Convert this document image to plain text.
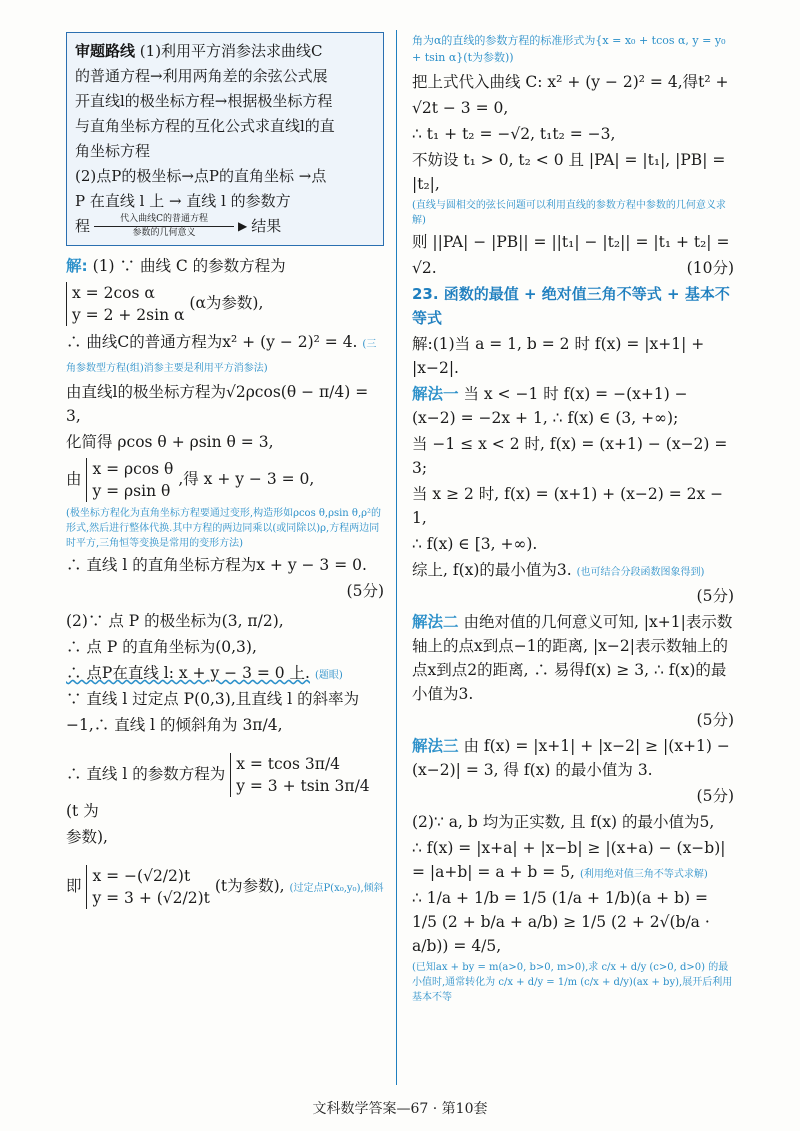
审题路线 (1)利用平方消参法求曲线C
的普通方程→利用两角差的余弦公式展
开直线l的极坐标方程→根据极坐标方程
与直角坐标方程的互化公式求直线l的直
角坐标方程
(2)点P的极坐标→点P的直角坐标 →点
P 在直线 l 上 → 直线 l 的参数方

程	代入曲线C的普通方程
参数的几何意义	▶ 结果
解: (1) ∵ 曲线 C 的参数方程为
x = 2cos α
y = 2 + 2sin α (α为参数),
∴ 曲线C的普通方程为x² + (y − 2)² = 4. (三角参数型方程(组)消参主要是利用平方消参法)
由直线l的极坐标方程为√2ρcos(θ − π/4) = 3,
化简得 ρcos θ + ρsin θ = 3,
由 x = ρcos θ
y = ρsin θ ,得 x + y − 3 = 0,
(极坐标方程化为直角坐标方程要通过变形,构造形如ρcos θ,ρsin θ,ρ²的形式,然后进行整体代换.其中方程的两边同乘以(或同除以)ρ,方程两边同时平方,三角恒等变换是常用的变形方法)
∴ 直线 l 的直角坐标方程为x + y − 3 = 0.
(5分)
(2)∵ 点 P 的极坐标为(3, π/2),
∴ 点 P 的直角坐标为(0,3),
∴ 点P在直线 l: x + y − 3 = 0 上. (题眼)
∵ 直线 l 过定点 P(0,3),且直线 l 的斜率为
−1,∴ 直线 l 的倾斜角为 3π/4,
∴ 直线 l 的参数方程为 x = tcos 3π/4
y = 3 + tsin 3π/4 (t 为
参数),
即 x = −(√2/2)t
y = 3 + (√2/2)t (t为参数), (过定点P(x₀,y₀),倾斜
角为α的直线的参数方程的标准形式为{x = x₀ + tcos α, y = y₀ + tsin α}(t为参数))
把上式代入曲线 C: x² + (y − 2)² = 4,得t² +
√2t − 3 = 0,
∴ t₁ + t₂ = −√2, t₁t₂ = −3,
不妨设 t₁ > 0, t₂ < 0 且 |PA| = |t₁|, |PB| = |t₂|,
(直线与圆相交的弦长问题可以利用直线的参数方程中参数的几何意义求解)
则 ||PA| − |PB|| = ||t₁| − |t₂|| = |t₁ + t₂| =
√2.	(10分)
23. 函数的最值 + 绝对值三角不等式 + 基本不等式
解:(1)当 a = 1, b = 2 时 f(x) = |x+1| + |x−2|.
解法一 当 x < −1 时 f(x) = −(x+1) − (x−2) = −2x + 1, ∴ f(x) ∈ (3, +∞);
当 −1 ≤ x < 2 时, f(x) = (x+1) − (x−2) = 3;
当 x ≥ 2 时, f(x) = (x+1) + (x−2) = 2x − 1,
∴ f(x) ∈ [3, +∞).
综上, f(x)的最小值为3. (也可结合分段函数图象得到)
(5分)
解法二 由绝对值的几何意义可知, |x+1|表示数轴上的点x到点−1的距离, |x−2|表示数轴上的点x到点2的距离, ∴ 易得f(x) ≥ 3, ∴ f(x)的最小值为3.
(5分)
解法三 由 f(x) = |x+1| + |x−2| ≥ |(x+1) − (x−2)| = 3, 得 f(x) 的最小值为 3.
(5分)
(2)∵ a, b 均为正实数, 且 f(x) 的最小值为5,
∴ f(x) = |x+a| + |x−b| ≥ |(x+a) − (x−b)| = |a+b| = a + b = 5, (利用绝对值三角不等式求解)
∴ 1/a + 1/b = 1/5 (1/a + 1/b)(a + b) = 1/5 (2 + b/a + a/b) ≥ 1/5 (2 + 2√(b/a · a/b)) = 4/5,
(已知ax + by = m(a>0, b>0, m>0),求 c/x + d/y (c>0, d>0) 的最小值时,通常转化为 c/x + d/y = 1/m (c/x + d/y)(ax + by),展开后利用基本不等
文科数学答案—67 · 第10套
